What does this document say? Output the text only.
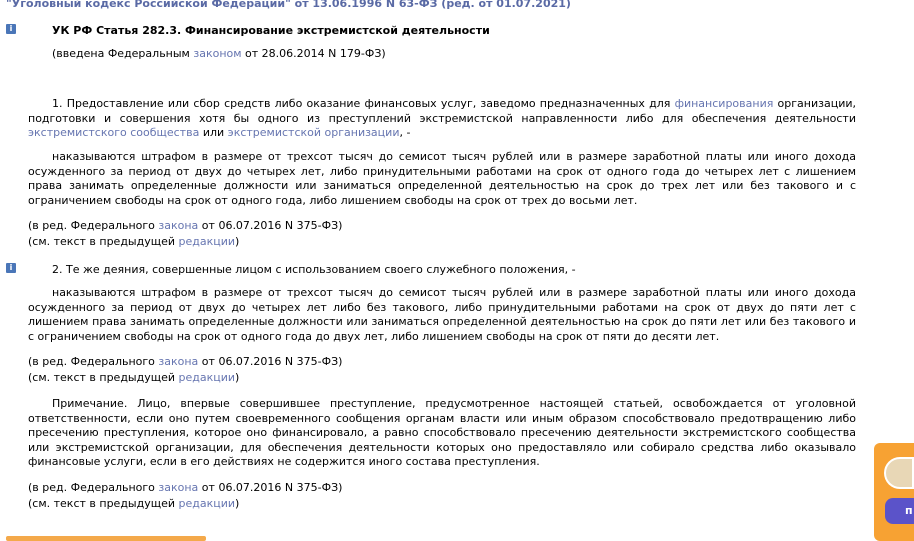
"Уголовный кодекс Российской Федерации" от 13.06.1996 N 63-ФЗ (ред. от 01.07.2021)
i	УК РФ Статья 282.3. Финансирование экстремистской деятельности
(введена Федеральным законом от 28.06.2014 N 179-ФЗ)
1. Предоставление или сбор средств либо оказание финансовых услуг, заведомо предназначенных для финансирования организации, подготовки и совершения хотя бы одного из преступлений экстремистской направленности либо для обеспечения деятельности экстремистского сообщества или экстремистской организации, -
наказываются штрафом в размере от трехсот тысяч до семисот тысяч рублей или в размере заработной платы или иного дохода осужденного за период от двух до четырех лет, либо принудительными работами на срок от одного года до четырех лет с лишением права занимать определенные должности или заниматься определенной деятельностью на срок до трех лет или без такового и с ограничением свободы на срок от одного года, либо лишением свободы на срок от трех до восьми лет.
(в ред. Федерального закона от 06.07.2016 N 375-ФЗ)
(см. текст в предыдущей редакции)
i	2. Те же деяния, совершенные лицом с использованием своего служебного положения, -
наказываются штрафом в размере от трехсот тысяч до семисот тысяч рублей или в размере заработной платы или иного дохода осужденного за период от двух до четырех лет либо без такового, либо принудительными работами на срок от двух до пяти лет с лишением права занимать определенные должности или заниматься определенной деятельностью на срок до пяти лет или без такового и с ограничением свободы на срок от одного года до двух лет, либо лишением свободы на срок от пяти до десяти лет.
(в ред. Федерального закона от 06.07.2016 N 375-ФЗ)
(см. текст в предыдущей редакции)
Примечание. Лицо, впервые совершившее преступление, предусмотренное настоящей статьей, освобождается от уголовной ответственности, если оно путем своевременного сообщения органам власти или иным образом способствовало предотвращению либо пресечению преступления, которое оно финансировало, а равно способствовало пресечению деятельности экстремистского сообщества или экстремистской организации, для обеспечения деятельности которых оно предоставляло или собирало средства либо оказывало финансовые услуги, если в его действиях не содержится иного состава преступления.
(в ред. Федерального закона от 06.07.2016 N 375-ФЗ)
(см. текст в предыдущей редакции)
п
